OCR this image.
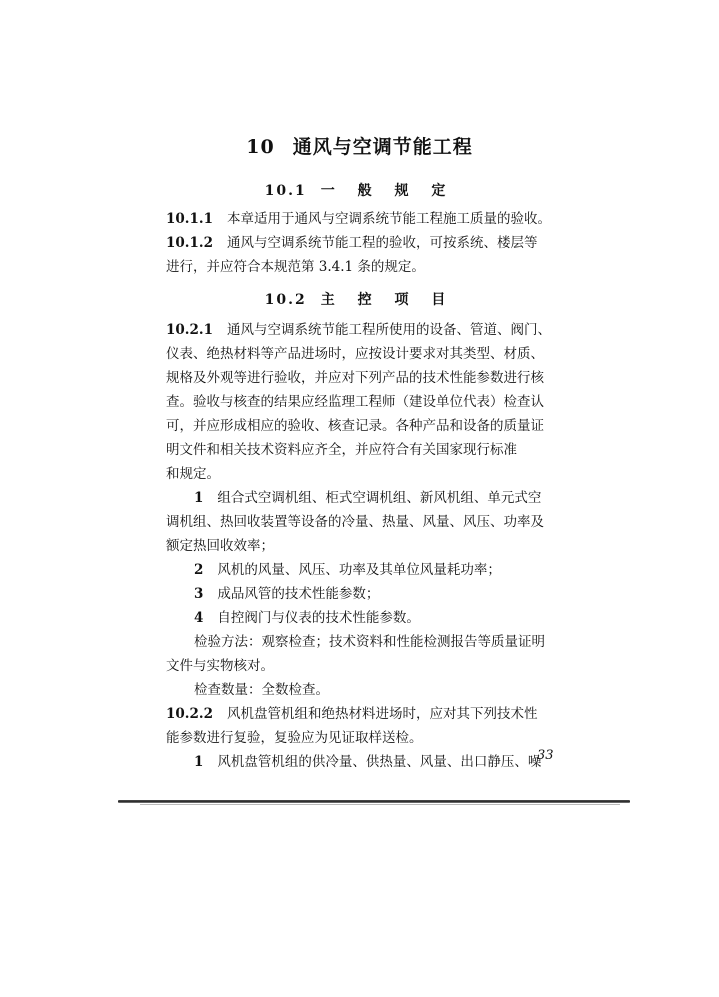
10 通风与空调节能工程
10.1 一 般 规 定
10.1.1 本章适用于通风与空调系统节能工程施工质量的验收。
10.1.2 通风与空调系统节能工程的验收，可按系统、楼层等
进行，并应符合本规范第 3.4.1 条的规定。
10.2 主 控 项 目
10.2.1 通风与空调系统节能工程所使用的设备、管道、阀门、
仪表、绝热材料等产品进场时，应按设计要求对其类型、材质、
规格及外观等进行验收，并应对下列产品的技术性能参数进行核
查。验收与核查的结果应经监理工程师（建设单位代表）检查认
可，并应形成相应的验收、核查记录。各种产品和设备的质量证
明文件和相关技术资料应齐全，并应符合有关国家现行标准
和规定。
1 组合式空调机组、柜式空调机组、新风机组、单元式空
调机组、热回收装置等设备的冷量、热量、风量、风压、功率及
额定热回收效率；
2 风机的风量、风压、功率及其单位风量耗功率；
3 成品风管的技术性能参数；
4 自控阀门与仪表的技术性能参数。
检验方法：观察检查；技术资料和性能检测报告等质量证明
文件与实物核对。
检查数量：全数检查。
10.2.2 风机盘管机组和绝热材料进场时，应对其下列技术性
能参数进行复验，复验应为见证取样送检。
1 风机盘管机组的供冷量、供热量、风量、出口静压、噪
33
